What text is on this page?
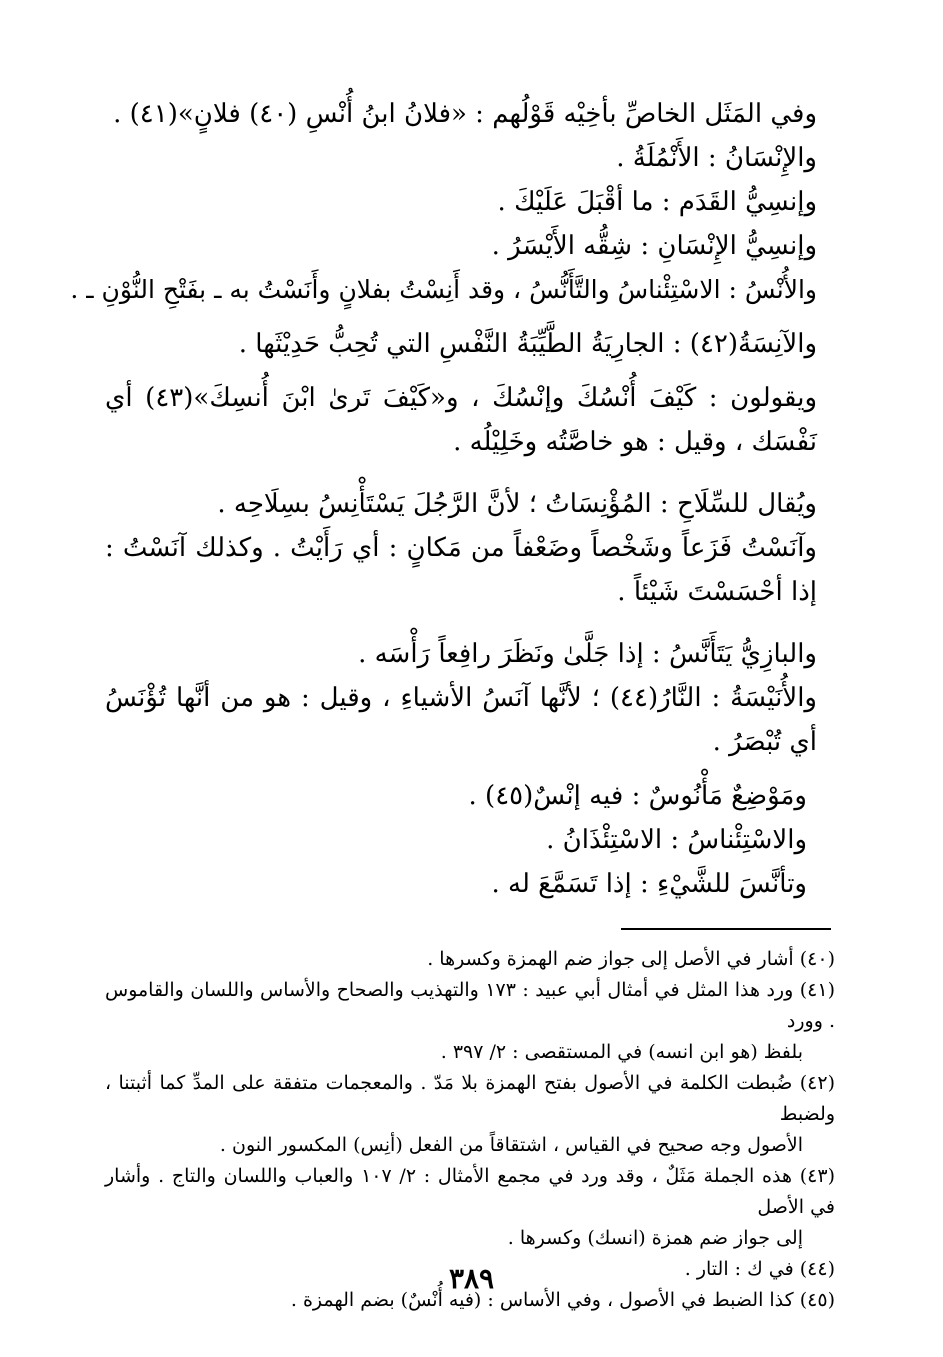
وفي المَثَل الخاصِّ بأخِيْه قَوْلُهم : «فلانُ ابنُ أُنْسِ (٤٠) فلانٍ»(٤١) .
والإِنْسَانُ : الأَنْمُلَةُ .
وإنسِيُّ القَدَم : ما أقْبَلَ عَلَيْكَ .
وإنسِيُّ الإِنْسَانِ : شِقُّه الأَيْسَرُ .
والأُنْسُ : الاسْتِئْناسُ والتَّأَنُّسُ ، وقد أَنِسْتُ بفلانٍ وأَنَسْتُ به ـ بفَتْحِ النُّوْنِ ـ .
والآنِسَةُ(٤٢) : الجارِيَةُ الطَّيِّبَةُ النَّفْسِ التي تُحِبُّ حَدِيْثَها .
ويقولون : كَيْفَ أُنْسُكَ وإنْسُكَ ، و«كَيْفَ تَرىٰ ابْنَ أُنسِكَ»(٤٣) أي نَفْسَك ، وقيل : هو خاصَّتُه وخَلِيْلُه .
ويُقال للسِّلَاحِ : المُؤْنِسَاتُ ؛ لأنَّ الرَّجُلَ يَسْتَأْنِسُ بسِلَاحِه .
وآنَسْتُ فَزَعاً وشَخْصاً وضَعْفاً من مَكانٍ : أي رَأَيْتُ . وكذلك آنَسْتُ : إذا أحْسَسْتَ شَيْئاً .
والبازِيُّ يَتَأَنَّسُ : إذا جَلَّىٰ ونَظَرَ رافِعاً رَأْسَه .
والأُنَيْسَةُ : النَّارُ(٤٤) ؛ لأنَّها آنَسُ الأشياءِ ، وقيل : هو من أنَّها تُؤْنَسُ أي تُبْصَرُ .
ومَوْضِعٌ مَأْنُوسٌ : فيه إنْسٌ(٤٥) .
والاسْتِئْناسُ : الاسْتِئْذَانُ .
وتأنَّسَ للشَّيْءِ : إذا تَسَمَّعَ له .
(٤٠) أشار في الأصل إلى جواز ضم الهمزة وكسرها .
(٤١) ورد هذا المثل في أمثال أبي عبيد : ١٧٣ والتهذيب والصحاح والأساس واللسان والقاموس . وورد
بلفظ (هو ابن انسه) في المستقصى : ٢/ ٣٩٧ .
(٤٢) ضُبطت الكلمة في الأصول بفتح الهمزة بلا مَدّ . والمعجمات متفقة على المدِّ كما أثبتنا ، ولضبط
الأصول وجه صحيح في القياس ، اشتقاقاً من الفعل (أنِس) المكسور النون .
(٤٣) هذه الجملة مَثَلٌ ، وقد ورد في مجمع الأمثال : ٢/ ١٠٧ والعباب واللسان والتاج . وأشار في الأصل
إلى جواز ضم همزة (انسك) وكسرها .
(٤٤) في ك : التار .
(٤٥) كذا الضبط في الأصول ، وفي الأساس : (فيه أُنْسٌ) بضم الهمزة .
٣٨٩
